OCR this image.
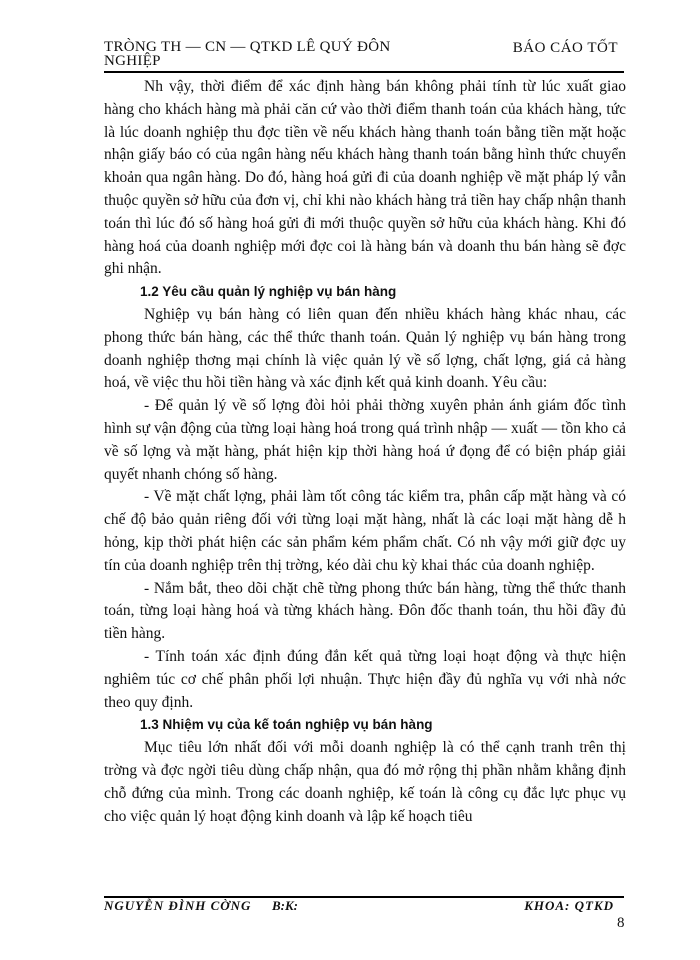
TRÒNG TH — CN — QTKD LÊ QUÝ ĐÔN NGHIỆP
BÁO CÁO TỐT

Nh vậy, thời điểm để xác định hàng bán không phải tính từ lúc xuất giao hàng cho khách hàng mà phải căn cứ vào thời điểm thanh toán của khách hàng, tức là lúc doanh nghiệp thu đợc tiền về nếu khách hàng thanh toán bằng tiền mặt hoặc nhận giấy báo có của ngân hàng nếu khách hàng thanh toán bằng hình thức chuyển khoản qua ngân hàng. Do đó, hàng hoá gửi đi của doanh nghiệp về mặt pháp lý vẫn thuộc quyền sở hữu của đơn vị, chỉ khi nào khách hàng trả tiền hay chấp nhận thanh toán thì lúc đó số hàng hoá gửi đi mới thuộc quyền sở hữu của khách hàng. Khi đó hàng hoá của doanh nghiệp mới đợc coi là hàng bán và doanh thu bán hàng sẽ đợc ghi nhận.

1.2 Yêu cầu quản lý nghiệp vụ bán hàng

Nghiệp vụ bán hàng có liên quan đến nhiều khách hàng khác nhau, các phong thức bán hàng, các thể thức thanh toán. Quản lý nghiệp vụ bán hàng trong doanh nghiệp thơng mại chính là việc quản lý về số lợng, chất lợng, giá cả hàng hoá, về việc thu hồi tiền hàng và xác định kết quả kinh doanh. Yêu cầu:

- Để quản lý về số lợng đòi hỏi phải thờng xuyên phản ánh giám đốc tình hình sự vận động của từng loại hàng hoá trong quá trình nhập — xuất — tồn kho cả về số lợng và mặt hàng, phát hiện kịp thời hàng hoá ứ đọng để có biện pháp giải quyết nhanh chóng số hàng.

- Về mặt chất lợng, phải làm tốt công tác kiểm tra, phân cấp mặt hàng và có chế độ bảo quản riêng đối với từng loại mặt hàng, nhất là các loại mặt hàng dễ h hỏng, kịp thời phát hiện các sản phẩm kém phẩm chất. Có nh vậy mới giữ đợc uy tín của doanh nghiệp trên thị trờng, kéo dài chu kỳ khai thác của doanh nghiệp.

- Nắm bắt, theo dõi chặt chẽ từng phong thức bán hàng, từng thể thức thanh toán, từng loại hàng hoá và từng khách hàng. Đôn đốc thanh toán, thu hồi đầy đủ tiền hàng.

- Tính toán xác định đúng đắn kết quả từng loại hoạt động và thực hiện nghiêm túc cơ chế phân phối lợi nhuận. Thực hiện đầy đủ nghĩa vụ với nhà nớc theo quy định.

1.3 Nhiệm vụ của kế toán nghiệp vụ bán hàng

Mục tiêu lớn nhất đối với mỗi doanh nghiệp là có thể cạnh tranh trên thị trờng và đợc ngời tiêu dùng chấp nhận, qua đó mở rộng thị phần nhằm khẳng định chỗ đứng của mình. Trong các doanh nghiệp, kế toán là công cụ đắc lực phục vụ cho việc quản lý hoạt động kinh doanh và lập kế hoạch tiêu

NGUYỄN ĐÌNH CỜNG B:K:	KHOA: QTKD
8
